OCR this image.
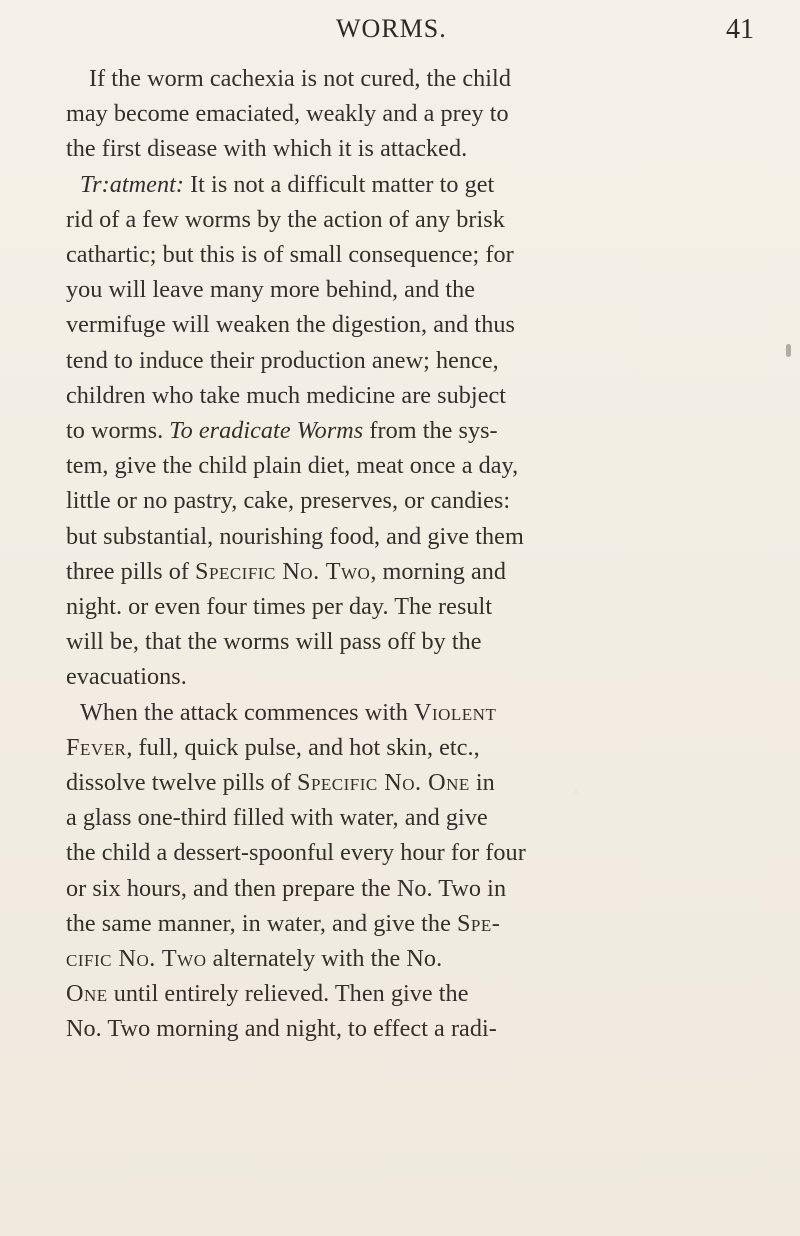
WORMS.	41
If the worm cachexia is not cured, the child
may become emaciated, weakly and a prey to
the first disease with which it is attacked.
Tr:atment: It is not a difficult matter to get
rid of a few worms by the action of any brisk
cathartic; but this is of small consequence; for
you will leave many more behind, and the
vermifuge will weaken the digestion, and thus
tend to induce their production anew; hence,
children who take much medicine are subject
to worms. To eradicate Worms from the sys-
tem, give the child plain diet, meat once a day,
little or no pastry, cake, preserves, or candies:
but substantial, nourishing food, and give them
three pills of Specific No. Two, morning and
night. or even four times per day. The result
will be, that the worms will pass off by the
evacuations.
When the attack commences with Violent
Fever, full, quick pulse, and hot skin, etc.,
dissolve twelve pills of Specific No. One in
a glass one-third filled with water, and give
the child a dessert-spoonful every hour for four
or six hours, and then prepare the No. Two in
the same manner, in water, and give the Spe-
cific No. Two alternately with the No.
One until entirely relieved. Then give the
No. Two morning and night, to effect a radi-
